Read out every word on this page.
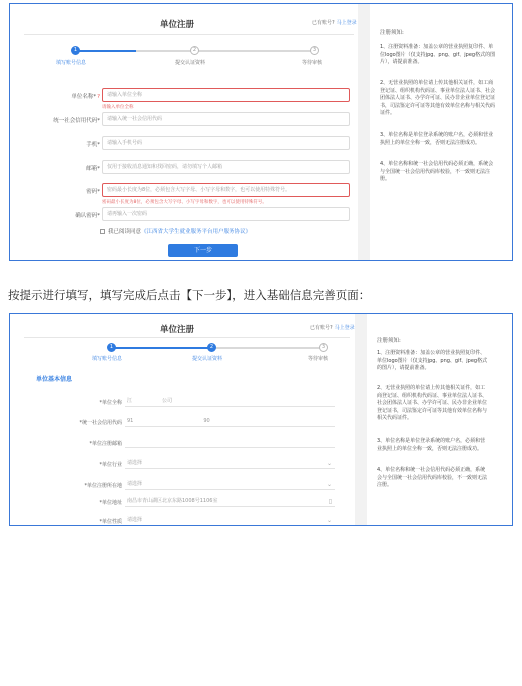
单位注册	已有账号? 马上登录
1	2	3
填写账号信息	提交认证资料	等待审核
单位名称*?	请输入单位全称
请输入单位全称
统一社会信用代码*	请输入统一社会信用代码
手机*	请输入手机号码
邮箱*	仅用于接收消息通知和找回密码，请勿填写个人邮箱
密码*	密码最小长度为8位，必须包含大写字母、小写字母和数字，也可以使用特殊符号。
密码最小长度为8位，必须包含大写字母、小写字母和数字，也可以使用特殊符号。
确认密码*	请再输入一次密码
我已阅读同意《江西省大学生就业服务平台用户服务协议》
下一步
注册须知:
1、注册资料准备：加盖公章的营业执照复印件、单位logo图片（仅支持jpg、png、gif、jpeg格式的图片），请提前准备。
2、无营业执照的单位请上传其他相关证件，如工商登记证、组织机构代码证、事业单位法人证书、社会团体法人证书、办学许可证、民办非企业单位登记证书，司法鉴定许可证等其他有效单位名称与相关代码证件。
3、单位名称是单位登录系统的账户名，必须和营业执照上的单位全称一致，否则无法注册成功。
4、单位名称和统一社会信用代码必须正确，系统会与全国统一社会信用代码库校验，不一致则无法注册。
按提示进行填写，填写完成后点击【下一步】，进入基础信息完善页面：
单位注册	已有账号? 马上登录
1	2	3
填写账号信息	提交认证资料	等待审核
单位基本信息
*单位全称	江	公司
*统一社会信用代码	91	90
*单位注册邮箱
*单位行业	请选择	⌄
*单位注册所在地	请选择	⌄
*单位地址	南昌市青山湖区北京东路1008号1106室	▯
*单位性质	请选择	⌄
注册须知:
1、注册资料准备：加盖公章的营业执照复印件、单位logo图片（仅支持jpg、png、gif、jpeg格式的图片），请提前准备。
2、无营业执照的单位请上传其他相关证件，如工商登记证、组织机构代码证、事业单位法人证书、社会团体法人证书、办学许可证、民办非企业单位登记证书，司法鉴定许可证等其他有效单位名称与相关代码证件。
3、单位名称是单位登录系统的账户名，必须和营业执照上的单位全称一致，否则无法注册成功。
4、单位名称和统一社会信用代码必须正确，系统会与全国统一社会信用代码库校验，不一致则无法注册。
